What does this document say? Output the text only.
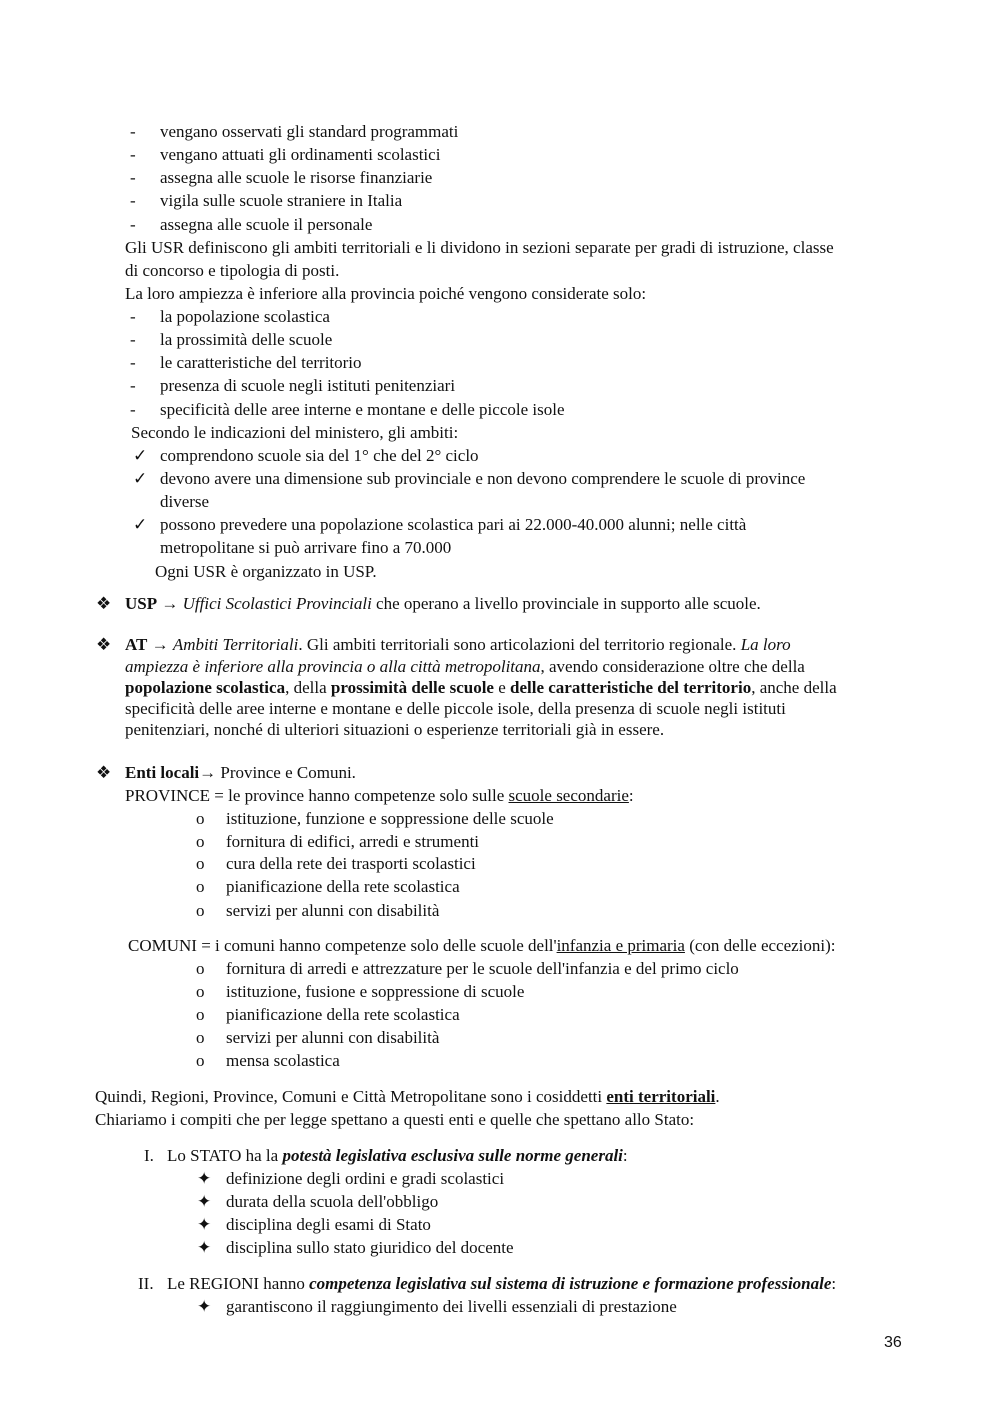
- vengano osservati gli standard programmati
- vengano attuati gli ordinamenti scolastici
- assegna alle scuole le risorse finanziarie
- vigila sulle scuole straniere in Italia
- assegna alle scuole il personale
Gli USR definiscono gli ambiti territoriali e li dividono in sezioni separate per gradi di istruzione, classe
di concorso e tipologia di posti.
La loro ampiezza è inferiore alla provincia poiché vengono considerate solo:
- la popolazione scolastica
- la prossimità delle scuole
- le caratteristiche del territorio
- presenza di scuole negli istituti penitenziari
- specificità delle aree interne e montane e delle piccole isole
Secondo le indicazioni del ministero, gli ambiti:
✓ comprendono scuole sia del 1° che del 2° ciclo
✓ devono avere una dimensione sub provinciale e non devono comprendere le scuole di province
diverse
✓ possono prevedere una popolazione scolastica pari ai 22.000-40.000 alunni; nelle città
metropolitane si può arrivare fino a 70.000
Ogni USR è organizzato in USP.
❖ USP → Uffici Scolastici Provinciali che operano a livello provinciale in supporto alle scuole.
❖ AT → Ambiti Territoriali. Gli ambiti territoriali sono articolazioni del territorio regionale. La loro
ampiezza è inferiore alla provincia o alla città metropolitana, avendo considerazione oltre che della
popolazione scolastica, della prossimità delle scuole e delle caratteristiche del territorio, anche della
specificità delle aree interne e montane e delle piccole isole, della presenza di scuole negli istituti
penitenziari, nonché di ulteriori situazioni o esperienze territoriali già in essere.
❖ Enti locali→ Province e Comuni.
PROVINCE = le province hanno competenze solo sulle scuole secondarie:
o istituzione, funzione e soppressione delle scuole
o fornitura di edifici, arredi e strumenti
o cura della rete dei trasporti scolastici
o pianificazione della rete scolastica
o servizi per alunni con disabilità
COMUNI = i comuni hanno competenze solo delle scuole dell'infanzia e primaria (con delle eccezioni):
o fornitura di arredi e attrezzature per le scuole dell'infanzia e del primo ciclo
o istituzione, fusione e soppressione di scuole
o pianificazione della rete scolastica
o servizi per alunni con disabilità
o mensa scolastica
Quindi, Regioni, Province, Comuni e Città Metropolitane sono i cosiddetti enti territoriali.
Chiariamo i compiti che per legge spettano a questi enti e quelle che spettano allo Stato:
I. Lo STATO ha la potestà legislativa esclusiva sulle norme generali:
✦ definizione degli ordini e gradi scolastici
✦ durata della scuola dell'obbligo
✦ disciplina degli esami di Stato
✦ disciplina sullo stato giuridico del docente
II. Le REGIONI hanno competenza legislativa sul sistema di istruzione e formazione professionale:
✦ garantiscono il raggiungimento dei livelli essenziali di prestazione
36
